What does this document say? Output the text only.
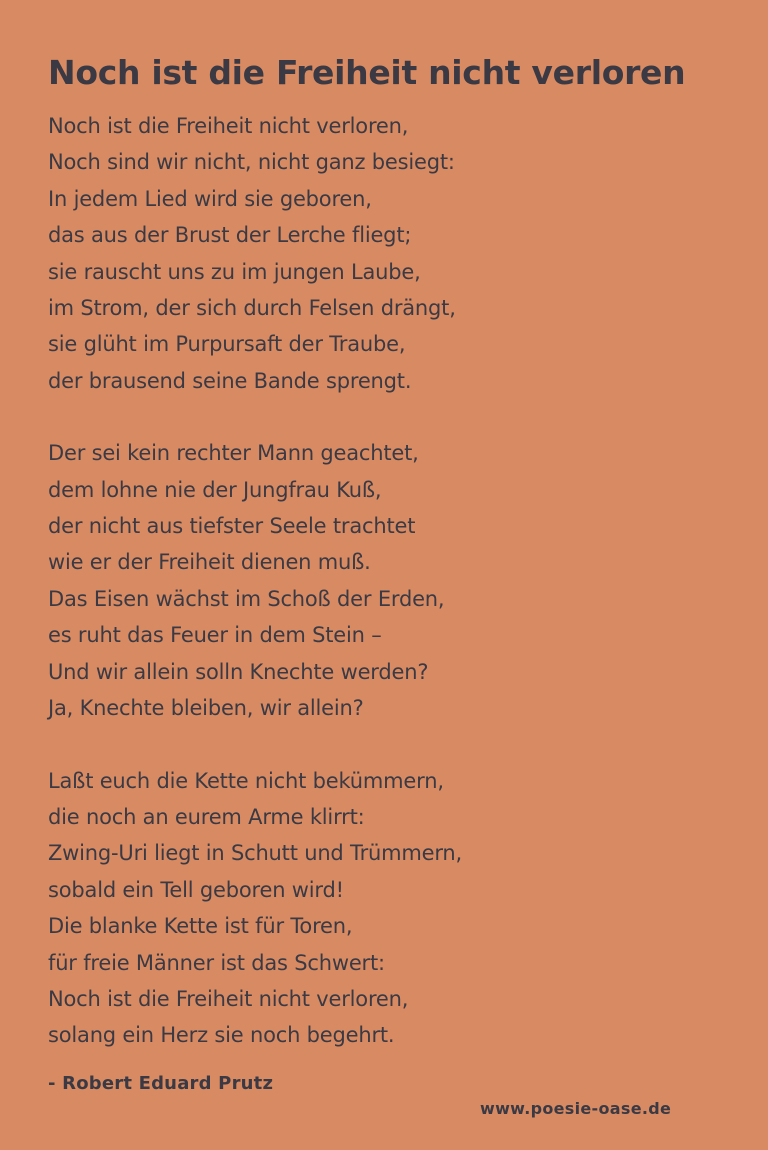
Noch ist die Freiheit nicht verloren
Noch ist die Freiheit nicht verloren,
Noch sind wir nicht, nicht ganz besiegt:
In jedem Lied wird sie geboren,
das aus der Brust der Lerche fliegt;
sie rauscht uns zu im jungen Laube,
im Strom, der sich durch Felsen drängt,
sie glüht im Purpursaft der Traube,
der brausend seine Bande sprengt.
Der sei kein rechter Mann geachtet,
dem lohne nie der Jungfrau Kuß,
der nicht aus tiefster Seele trachtet
wie er der Freiheit dienen muß.
Das Eisen wächst im Schoß der Erden,
es ruht das Feuer in dem Stein –
Und wir allein solln Knechte werden?
Ja, Knechte bleiben, wir allein?
Laßt euch die Kette nicht bekümmern,
die noch an eurem Arme klirrt:
Zwing-Uri liegt in Schutt und Trümmern,
sobald ein Tell geboren wird!
Die blanke Kette ist für Toren,
für freie Männer ist das Schwert:
Noch ist die Freiheit nicht verloren,
solang ein Herz sie noch begehrt.
- Robert Eduard Prutz
www.poesie-oase.de
